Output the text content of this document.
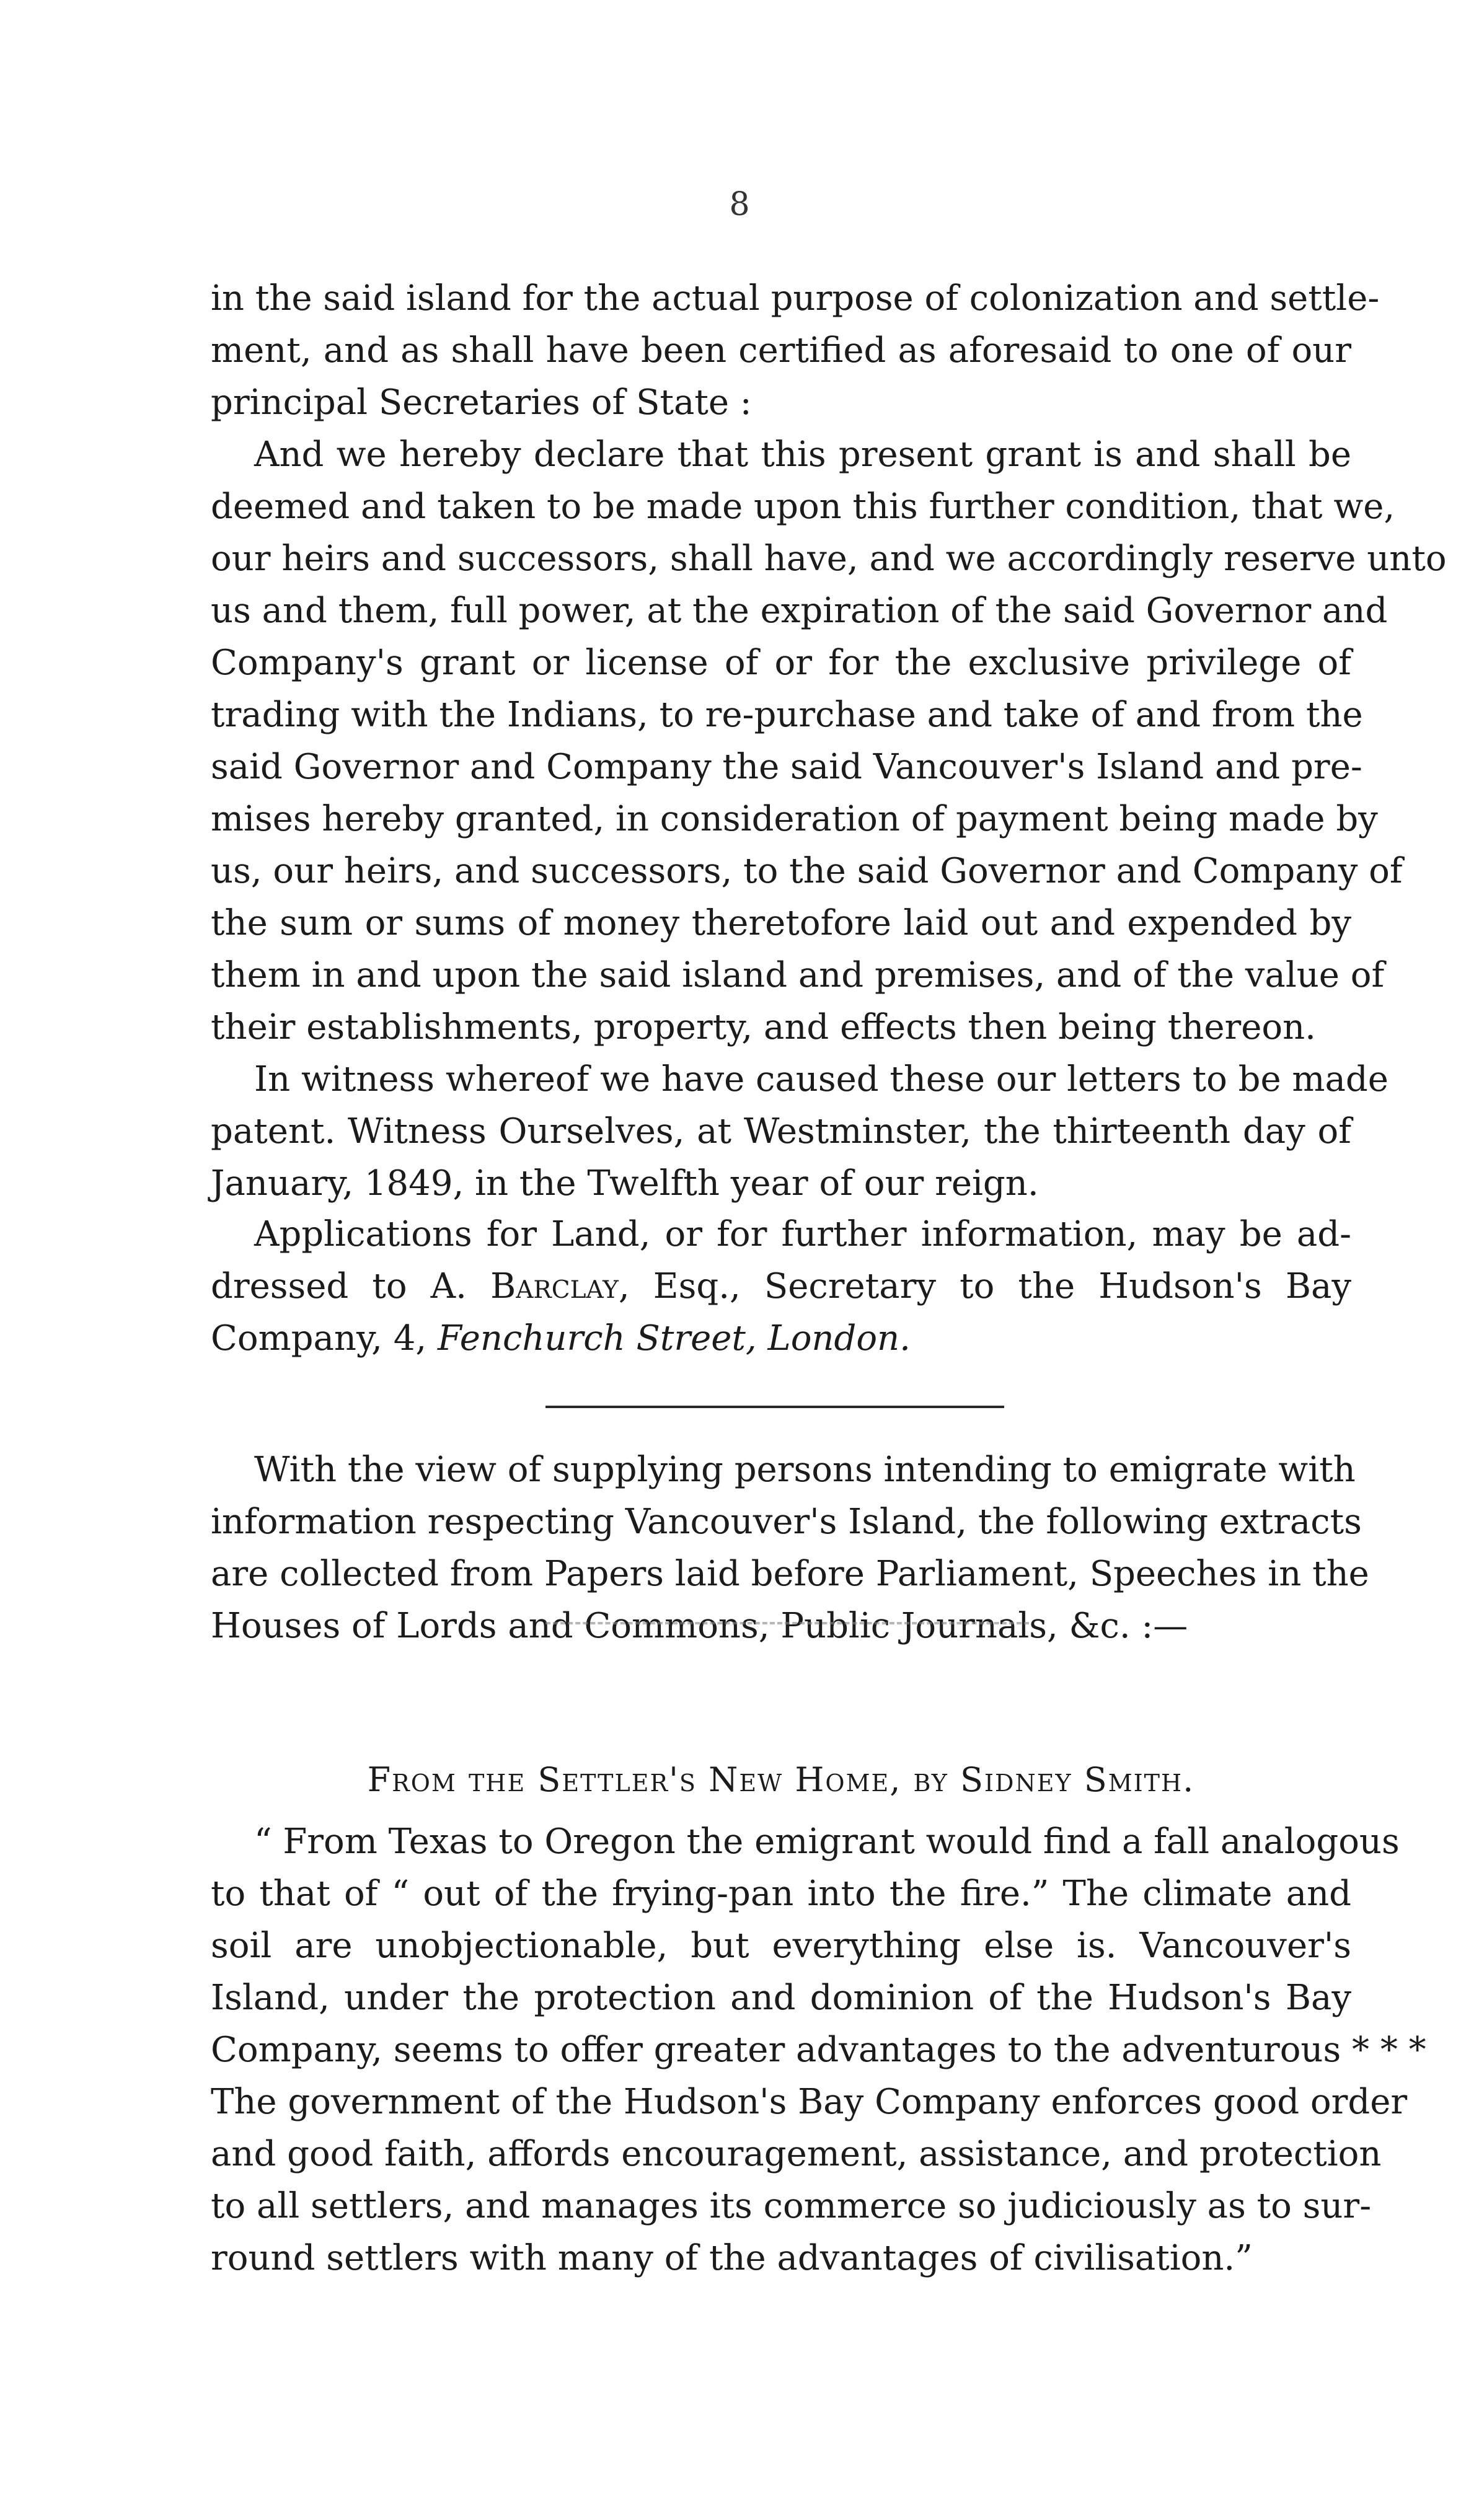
8
in the said island for the actual purpose of colonization and settle-
ment, and as shall have been certified as aforesaid to one of our
principal Secretaries of State :
And we hereby declare that this present grant is and shall be
deemed and taken to be made upon this further condition, that we,
our heirs and successors, shall have, and we accordingly reserve unto
us and them, full power, at the expiration of the said Governor and
Company's grant or license of or for the exclusive privilege of
trading with the Indians, to re-purchase and take of and from the
said Governor and Company the said Vancouver's Island and pre-
mises hereby granted, in consideration of payment being made by
us, our heirs, and successors, to the said Governor and Company of
the sum or sums of money theretofore laid out and expended by
them in and upon the said island and premises, and of the value of
their establishments, property, and effects then being thereon.
In witness whereof we have caused these our letters to be made
patent. Witness Ourselves, at Westminster, the thirteenth day of
January, 1849, in the Twelfth year of our reign.
Applications for Land, or for further information, may be ad-
dressed to A. Barclay, Esq., Secretary to the Hudson's Bay
Company, 4, Fenchurch Street, London.
With the view of supplying persons intending to emigrate with
information respecting Vancouver's Island, the following extracts
are collected from Papers laid before Parliament, Speeches in the
Houses of Lords and Commons, Public Journals, &c. :—
From the Settler's New Home, by Sidney Smith.
“ From Texas to Oregon the emigrant would find a fall analogous
to that of “ out of the frying-pan into the fire.” The climate and
soil are unobjectionable, but everything else is. Vancouver's
Island, under the protection and dominion of the Hudson's Bay
Company, seems to offer greater advantages to the adventurous * * *
The government of the Hudson's Bay Company enforces good order
and good faith, affords encouragement, assistance, and protection
to all settlers, and manages its commerce so judiciously as to sur-
round settlers with many of the advantages of civilisation.”
